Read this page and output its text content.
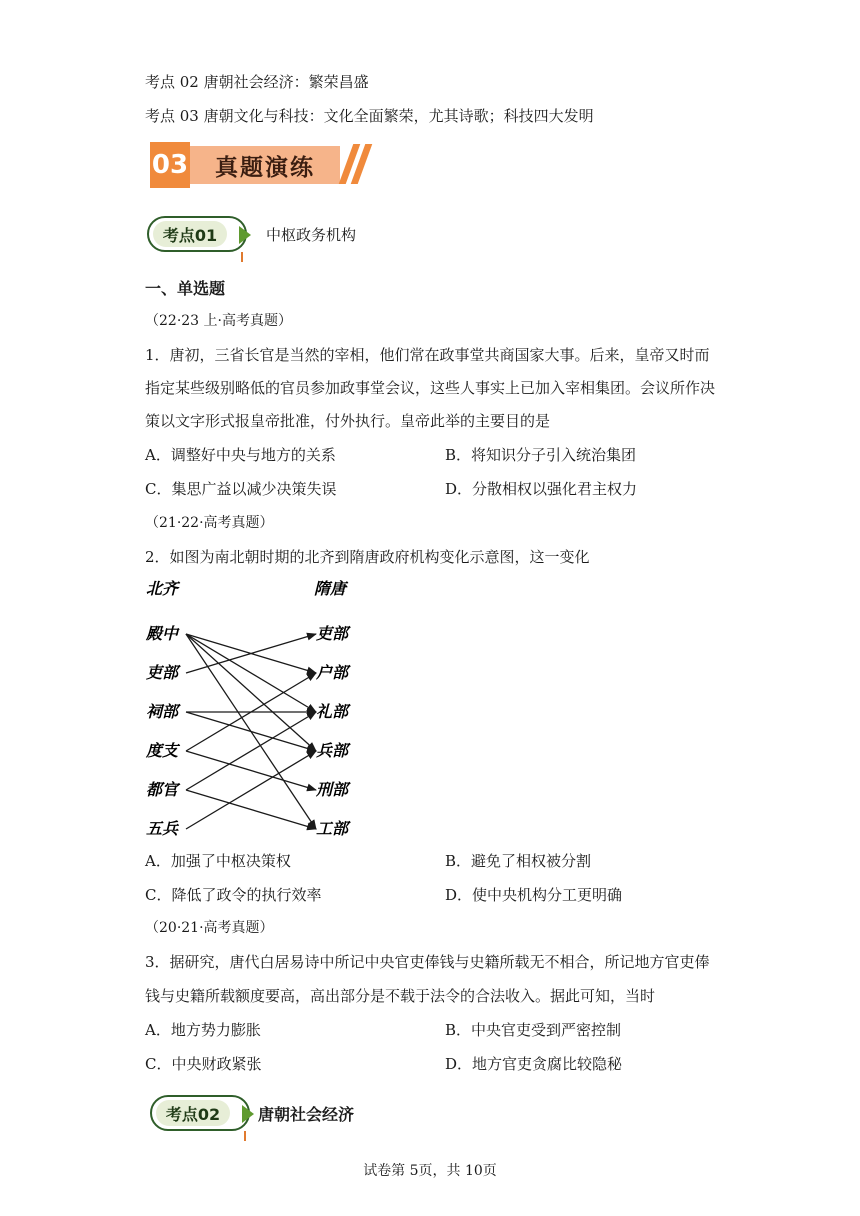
考点 02 唐朝社会经济：繁荣昌盛
考点 03 唐朝文化与科技：文化全面繁荣，尤其诗歌；科技四大发明
03	真题演练
考点01	中枢政务机构
一、单选题
（22·23 上·高考真题）
1．唐初，三省长官是当然的宰相，他们常在政事堂共商国家大事。后来，皇帝又时而
指定某些级别略低的官员参加政事堂会议，这些人事实上已加入宰相集团。会议所作决
策以文字形式报皇帝批准，付外执行。皇帝此举的主要目的是
A．调整好中央与地方的关系	B．将知识分子引入统治集团
C．集思广益以减少决策失误	D．分散相权以强化君主权力
（21·22·高考真题）
2．如图为南北朝时期的北齐到隋唐政府机构变化示意图，这一变化
北齐	隋唐
殿中
吏部
祠部
度支
都官
五兵
吏部
户部
礼部
兵部
刑部
工部
A．加强了中枢决策权	B．避免了相权被分割
C．降低了政令的执行效率	D．使中央机构分工更明确
（20·21·高考真题）
3．据研究，唐代白居易诗中所记中央官吏俸钱与史籍所载无不相合，所记地方官吏俸
钱与史籍所载额度要高，高出部分是不载于法令的合法收入。据此可知，当时
A．地方势力膨胀	B．中央官吏受到严密控制
C．中央财政紧张	D．地方官吏贪腐比较隐秘
考点02	唐朝社会经济
试卷第 5页，共 10页
